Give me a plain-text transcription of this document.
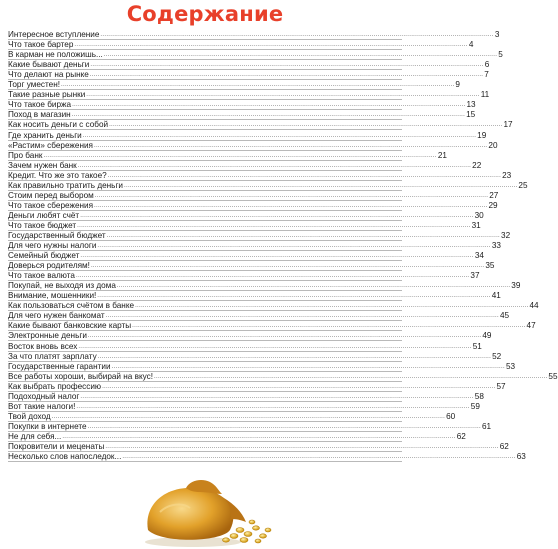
Содержание
Интересное вступление ........................................................................................................................................................................................................ 3
Что такое бартер ........................................................................................................................................................................................................ 4
В карман не положишь... ........................................................................................................................................................................................................ 5
Какие бывают деньги ........................................................................................................................................................................................................ 6
Что делают на рынке ........................................................................................................................................................................................................ 7
Торг уместен! ........................................................................................................................................................................................................ 9
Такие разные рынки ........................................................................................................................................................................................................ 11
Что такое биржа ........................................................................................................................................................................................................ 13
Поход в магазин ........................................................................................................................................................................................................ 15
Как носить деньги с собой ........................................................................................................................................................................................................ 17
Где хранить деньги ........................................................................................................................................................................................................ 19
«Растим» сбережения ........................................................................................................................................................................................................ 20
Про банк ........................................................................................................................................................................................................ 21
Зачем нужен банк ........................................................................................................................................................................................................ 22
Кредит. Что же это такое? ........................................................................................................................................................................................................ 23
Как правильно тратить деньги ........................................................................................................................................................................................................ 25
Стоим перед выбором ........................................................................................................................................................................................................ 27
Что такое сбережения ........................................................................................................................................................................................................ 29
Деньги любят счёт ........................................................................................................................................................................................................ 30
Что такое бюджет ........................................................................................................................................................................................................ 31
Государственный бюджет ........................................................................................................................................................................................................ 32
Для чего нужны налоги ........................................................................................................................................................................................................ 33
Семейный бюджет ........................................................................................................................................................................................................ 34
Доверься родителям! ........................................................................................................................................................................................................ 35
Что такое валюта ........................................................................................................................................................................................................ 37
Покупай, не выходя из дома ........................................................................................................................................................................................................ 39
Внимание, мошенники! ........................................................................................................................................................................................................ 41
Как пользоваться счётом в банке ........................................................................................................................................................................................................ 44
Для чего нужен банкомат ........................................................................................................................................................................................................ 45
Какие бывают банковские карты ........................................................................................................................................................................................................ 47
Электронные деньги ........................................................................................................................................................................................................ 49
Восток вновь всех ........................................................................................................................................................................................................ 51
За что платят зарплату ........................................................................................................................................................................................................ 52
Государственные гарантии ........................................................................................................................................................................................................ 53
Все работы хороши, выбирай на вкус! ........................................................................................................................................................................................................ 55
Как выбрать профессию ........................................................................................................................................................................................................ 57
Подоходный налог ........................................................................................................................................................................................................ 58
Вот такие налоги! ........................................................................................................................................................................................................ 59
Твой доход ........................................................................................................................................................................................................ 60
Покупки в интернете ........................................................................................................................................................................................................ 61
Не для себя... ........................................................................................................................................................................................................ 62
Покровители и меценаты ........................................................................................................................................................................................................ 62
Несколько слов напоследок... ........................................................................................................................................................................................................ 63
